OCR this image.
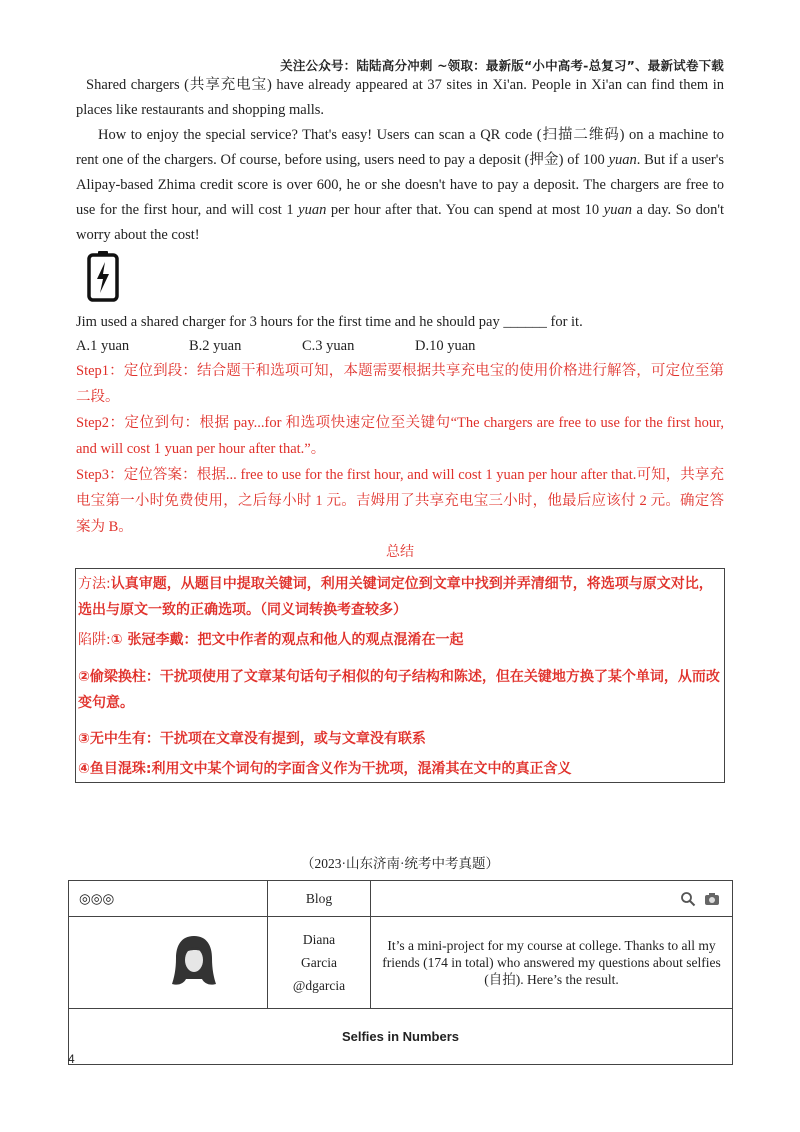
关注公众号：陆陆高分冲刺 ~领取：最新版“小中高考-总复习”、最新试卷下载
Shared chargers (共享充电宝) have already appeared at 37 sites in Xi'an. People in Xi'an can find them in places like restaurants and shopping malls.
How to enjoy the special service? That's easy! Users can scan a QR code (扫描二维码) on a machine to rent one of the chargers. Of course, before using, users need to pay a deposit (押金) of 100 yuan. But if a user's Alipay-based Zhima credit score is over 600, he or she doesn't have to pay a deposit. The chargers are free to use for the first hour, and will cost 1 yuan per hour after that. You can spend at most 10 yuan a day. So don't worry about the cost!
Jim used a shared charger for 3 hours for the first time and he should pay ______ for it.
A.1 yuan	B.2 yuan	C.3 yuan	D.10 yuan
Step1：定位到段：结合题干和选项可知，本题需要根据共享充电宝的使用价格进行解答，可定位至第二段。
Step2：定位到句：根据 pay...for 和选项快速定位至关键句“The chargers are free to use for the first hour, and will cost 1 yuan per hour after that.”。
Step3：定位答案：根据... free to use for the first hour, and will cost 1 yuan per hour after that.可知，共享充电宝第一小时免费使用，之后每小时 1 元。吉姆用了共享充电宝三小时，他最后应该付 2 元。确定答案为 B。
总结
方法:认真审题，从题目中提取关键词，利用关键词定位到文章中找到并弄清细节，将选项与原文对比，选出与原文一致的正确选项。（同义词转换考查较多）
陷阱:① 张冠李戴：把文中作者的观点和他人的观点混淆在一起
②偷梁换柱：干扰项使用了文章某句话句子相似的句子结构和陈述，但在关键地方换了某个单词，从而改变句意。
③无中生有：干扰项在文章没有提到，或与文章没有联系
④鱼目混珠:利用文中某个词句的字面含义作为干扰项，混淆其在文中的真正含义
（2023·山东济南·统考中考真题）
◎◎◎	Blog	

Diana
Garcia
@dgarcia	It’s a mini-project for my course at college. Thanks to all my friends (174 in total) who answered my questions about selfies (自拍). Here’s the result.
Selfies in Numbers		
4
